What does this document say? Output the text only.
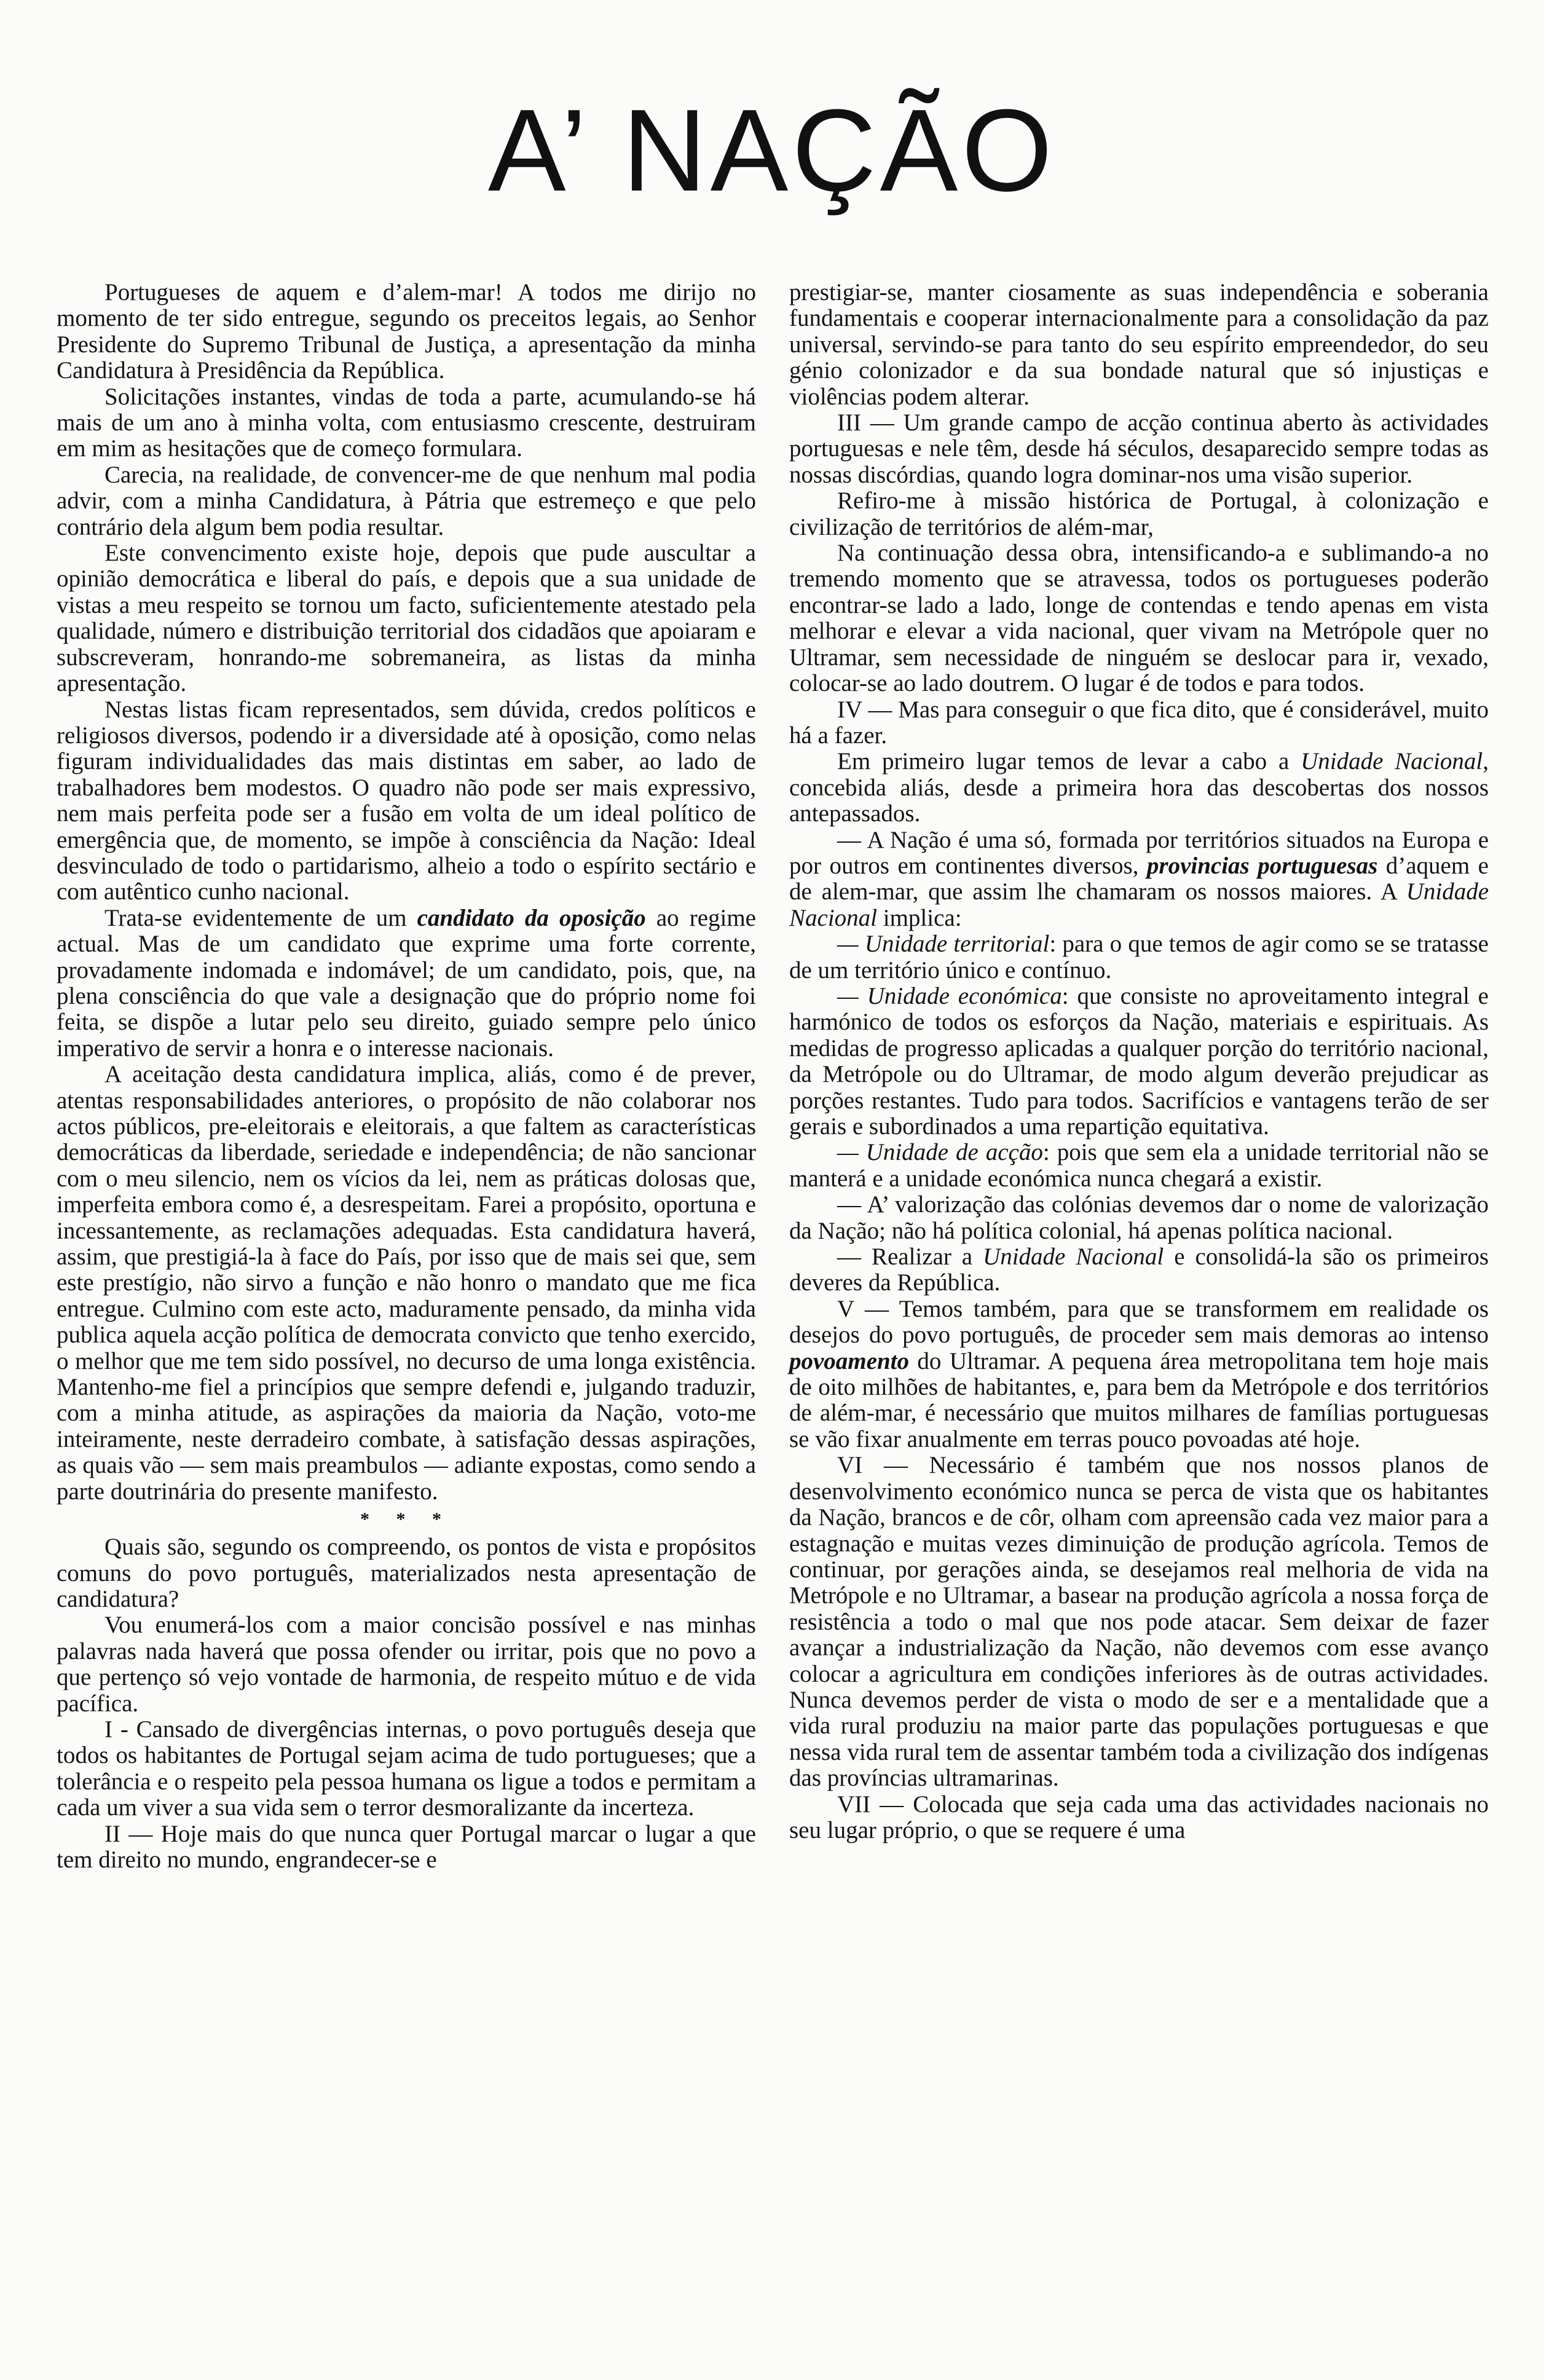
A’ NAÇÃO

Portugueses de aquem e d’alem-mar! A todos me dirijo no momento de ter sido entregue, segundo os preceitos legais, ao Senhor Presidente do Supremo Tribunal de Justiça, a apresentação da minha Candidatura à Presidência da República.

Solicitações instantes, vindas de toda a parte, acumulando-se há mais de um ano à minha volta, com entusiasmo crescente, destruiram em mim as hesitações que de começo formulara.

Carecia, na realidade, de convencer-me de que nenhum mal podia advir, com a minha Candidatura, à Pátria que estremeço e que pelo contrário dela algum bem podia resultar.

Este convencimento existe hoje, depois que pude auscultar a opinião democrática e liberal do país, e depois que a sua unidade de vistas a meu respeito se tornou um facto, suficientemente atestado pela qualidade, número e distribuição territorial dos cidadãos que apoiaram e subscreveram, honrando-me sobremaneira, as listas da minha apresentação.

Nestas listas ficam representados, sem dúvida, credos políticos e religiosos diversos, podendo ir a diversidade até à oposição, como nelas figuram individualidades das mais distintas em saber, ao lado de trabalhadores bem modestos. O quadro não pode ser mais expressivo, nem mais perfeita pode ser a fusão em volta de um ideal político de emergência que, de momento, se impõe à consciência da Nação: Ideal desvinculado de todo o partidarismo, alheio a todo o espírito sectário e com autêntico cunho nacional.

Trata-se evidentemente de um candidato da oposição ao regime actual. Mas de um candidato que exprime uma forte corrente, provadamente indomada e indomável; de um candidato, pois, que, na plena consciência do que vale a designação que do próprio nome foi feita, se dispõe a lutar pelo seu direito, guiado sempre pelo único imperativo de servir a honra e o interesse nacionais.

A aceitação desta candidatura implica, aliás, como é de prever, atentas responsabilidades anteriores, o propósito de não colaborar nos actos públicos, pre-eleitorais e eleitorais, a que faltem as características democráticas da liberdade, seriedade e independência; de não sancionar com o meu silencio, nem os vícios da lei, nem as práticas dolosas que, imperfeita embora como é, a desrespeitam. Farei a propósito, oportuna e incessantemente, as reclamações adequadas. Esta candidatura haverá, assim, que prestigiá-la à face do País, por isso que de mais sei que, sem este prestígio, não sirvo a função e não honro o mandato que me fica entregue. Culmino com este acto, maduramente pensado, da minha vida publica aquela acção política de democrata convicto que tenho exercido, o melhor que me tem sido possível, no decurso de uma longa existência. Mantenho-me fiel a princípios que sempre defendi e, julgando traduzir, com a minha atitude, as aspirações da maioria da Nação, voto-me inteiramente, neste derradeiro combate, à satisfação dessas aspirações, as quais vão — sem mais preambulos — adiante expostas, como sendo a parte doutrinária do presente manifesto.

* * *

Quais são, segundo os compreendo, os pontos de vista e propósitos comuns do povo português, materializados nesta apresentação de candidatura?

Vou enumerá-los com a maior concisão possível e nas minhas palavras nada haverá que possa ofender ou irritar, pois que no povo a que pertenço só vejo vontade de harmonia, de respeito mútuo e de vida pacífica.

I - Cansado de divergências internas, o povo português deseja que todos os habitantes de Portugal sejam acima de tudo portugueses; que a tolerância e o respeito pela pessoa humana os ligue a todos e permitam a cada um viver a sua vida sem o terror desmoralizante da incerteza.

II — Hoje mais do que nunca quer Portugal marcar o lugar a que tem direito no mundo, engrandecer-se e

prestigiar-se, manter ciosamente as suas independência e soberania fundamentais e cooperar internacionalmente para a consolidação da paz universal, servindo-se para tanto do seu espírito empreendedor, do seu génio colonizador e da sua bondade natural que só injustiças e violências podem alterar.

III — Um grande campo de acção continua aberto às actividades portuguesas e nele têm, desde há séculos, desaparecido sempre todas as nossas discórdias, quando logra dominar-nos uma visão superior.

Refiro-me à missão histórica de Portugal, à colonização e civilização de territórios de além-mar,

Na continuação dessa obra, intensificando-a e sublimando-a no tremendo momento que se atravessa, todos os portugueses poderão encontrar-se lado a lado, longe de contendas e tendo apenas em vista melhorar e elevar a vida nacional, quer vivam na Metrópole quer no Ultramar, sem necessidade de ninguém se deslocar para ir, vexado, colocar-se ao lado doutrem. O lugar é de todos e para todos.

IV — Mas para conseguir o que fica dito, que é considerável, muito há a fazer.

Em primeiro lugar temos de levar a cabo a Unidade Nacional, concebida aliás, desde a primeira hora das descobertas dos nossos antepassados.

— A Nação é uma só, formada por territórios situados na Europa e por outros em continentes diversos, provincias portuguesas d’aquem e de alem-mar, que assim lhe chamaram os nossos maiores. A Unidade Nacional implica:

— Unidade territorial: para o que temos de agir como se se tratasse de um território único e contínuo.

— Unidade económica: que consiste no aproveitamento integral e harmónico de todos os esforços da Nação, materiais e espirituais. As medidas de progresso aplicadas a qualquer porção do território nacional, da Metrópole ou do Ultramar, de modo algum deverão prejudicar as porções restantes. Tudo para todos. Sacrifícios e vantagens terão de ser gerais e subordinados a uma repartição equitativa.

— Unidade de acção: pois que sem ela a unidade territorial não se manterá e a unidade económica nunca chegará a existir.

— A’ valorização das colónias devemos dar o nome de valorização da Nação; não há política colonial, há apenas política nacional.

— Realizar a Unidade Nacional e consolidá-la são os primeiros deveres da República.

V — Temos também, para que se transformem em realidade os desejos do povo português, de proceder sem mais demoras ao intenso povoamento do Ultramar. A pequena área metropolitana tem hoje mais de oito milhões de habitantes, e, para bem da Metrópole e dos territórios de além-mar, é necessário que muitos milhares de famílias portuguesas se vão fixar anualmente em terras pouco povoadas até hoje.

VI — Necessário é também que nos nossos planos de desenvolvimento económico nunca se perca de vista que os habitantes da Nação, brancos e de côr, olham com apreensão cada vez maior para a estagnação e muitas vezes diminuição de produção agrícola. Temos de continuar, por gerações ainda, se desejamos real melhoria de vida na Metrópole e no Ultramar, a basear na produção agrícola a nossa força de resistência a todo o mal que nos pode atacar. Sem deixar de fazer avançar a industrialização da Nação, não devemos com esse avanço colocar a agricultura em condições inferiores às de outras actividades. Nunca devemos perder de vista o modo de ser e a mentalidade que a vida rural produziu na maior parte das populações portuguesas e que nessa vida rural tem de assentar também toda a civilização dos indígenas das províncias ultramarinas.

VII — Colocada que seja cada uma das actividades nacionais no seu lugar próprio, o que se requere é uma
